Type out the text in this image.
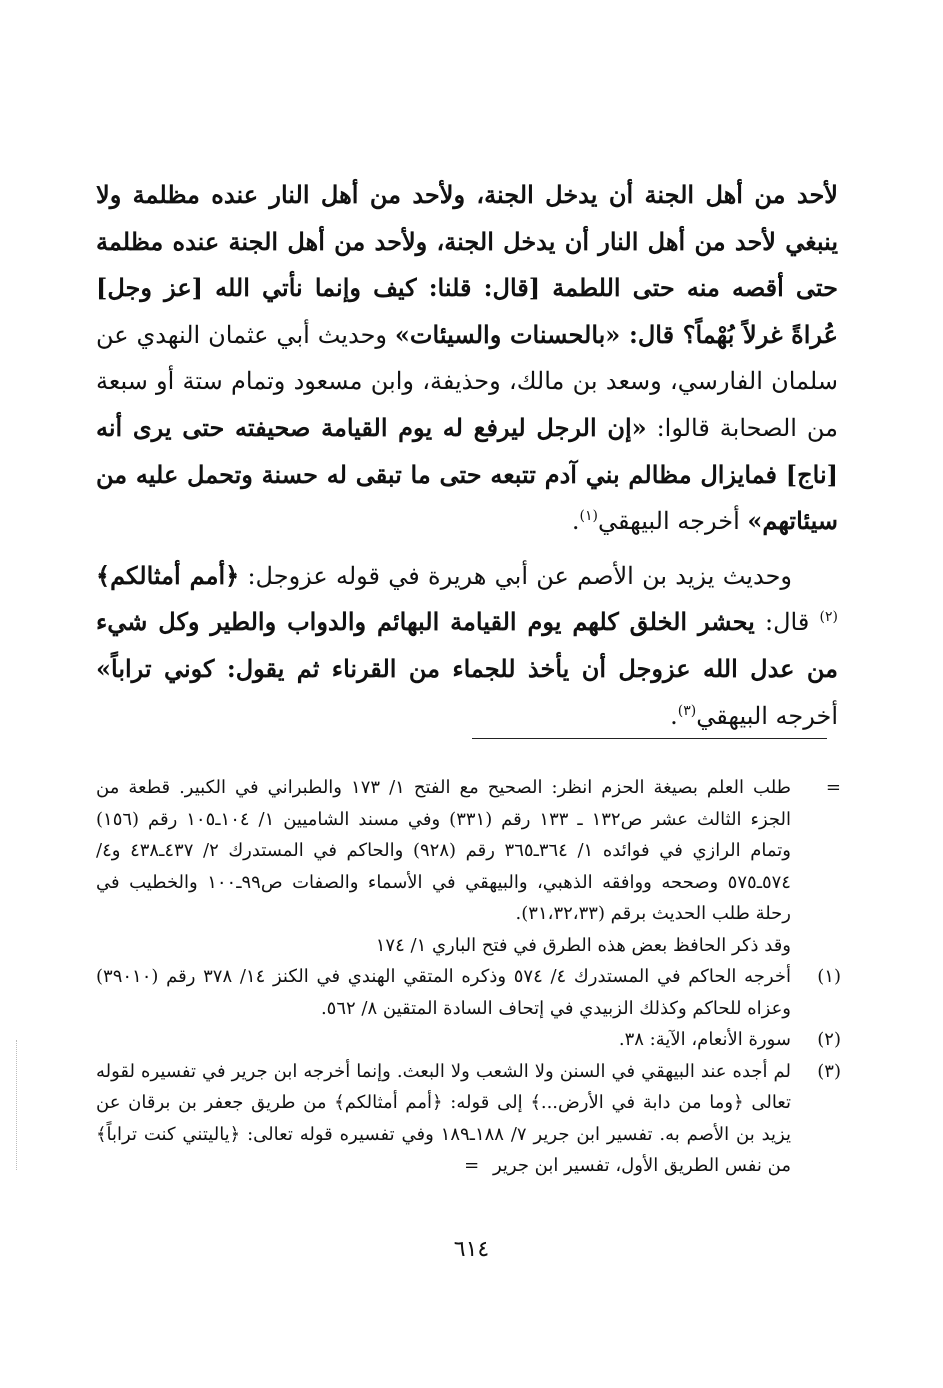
لأحد من أهل الجنة أن يدخل الجنة، ولأحد من أهل النار عنده مظلمة ولا ينبغي لأحد من أهل النار أن يدخل الجنة، ولأحد من أهل الجنة عنده مظلمة حتى أقصه منه حتى اللطمة [قال: قلنا: كيف وإنما نأتي الله [عز وجل] عُراةً غرلاً بُهْماً؟ قال: «بالحسنات والسيئات» وحديث أبي عثمان النهدي عن سلمان الفارسي، وسعد بن مالك، وحذيفة، وابن مسعود وتمام ستة أو سبعة من الصحابة قالوا: «إن الرجل ليرفع له يوم القيامة صحيفته حتى يرى أنه [ناج] فمايزال مظالم بني آدم تتبعه حتى ما تبقى له حسنة وتحمل عليه من سيئاتهم» أخرجه البيهقي$^{(١)}$.

وحديث يزيد بن الأصم عن أبي هريرة في قوله عزوجل: ﴿أمم أمثالكم﴾$^{(٢)}$ قال: يحشر الخلق كلهم يوم القيامة البهائم والدواب والطير وكل شيء من عدل الله عزوجل أن يأخذ للجماء من القرناء ثم يقول: كوني تراباً» أخرجه البيهقي$^{(٣)}$.

=
طلب العلم بصيغة الحزم انظر: الصحيح مع الفتح ١/ ١٧٣ والطبراني في الكبير. قطعة من الجزء الثالث عشر ص١٣٢ ـ ١٣٣ رقم (٣٣١) وفي مسند الشاميين ١/ ١٠٤ـ١٠٥ رقم (١٥٦) وتمام الرازي في فوائده ١/ ٣٦٤ـ٣٦٥ رقم (٩٢٨) والحاكم في المستدرك ٢/ ٤٣٧ـ٤٣٨ و٤/ ٥٧٤ـ٥٧٥ وصححه ووافقه الذهبي، والبيهقي في الأسماء والصفات ص٩٩ـ١٠٠ والخطيب في رحلة طلب الحديث برقم (٣١،٣٢،٣٣).
وقد ذكر الحافظ بعض هذه الطرق في فتح الباري ١/ ١٧٤
(١)
أخرجه الحاكم في المستدرك ٤/ ٥٧٤ وذكره المتقي الهندي في الكنز ١٤/ ٣٧٨ رقم (٣٩٠١٠) وعزاه للحاكم وكذلك الزبيدي في إتحاف السادة المتقين ٨/ ٥٦٢.
(٢)
سورة الأنعام، الآية: ٣٨.
(٣)
لم أجده عند البيهقي في السنن ولا الشعب ولا البعث. وإنما أخرجه ابن جرير في تفسيره لقوله تعالى ﴿وما من دابة في الأرض...﴾ إلى قوله: ﴿أمم أمثالكم﴾ من طريق جعفر بن برقان عن يزيد بن الأصم به. تفسير ابن جرير ٧/ ١٨٨ـ١٨٩ وفي تفسيره قوله تعالى: ﴿ياليتني كنت تراباً﴾ من نفس الطريق الأول، تفسير ابن جرير =
٦١٤
